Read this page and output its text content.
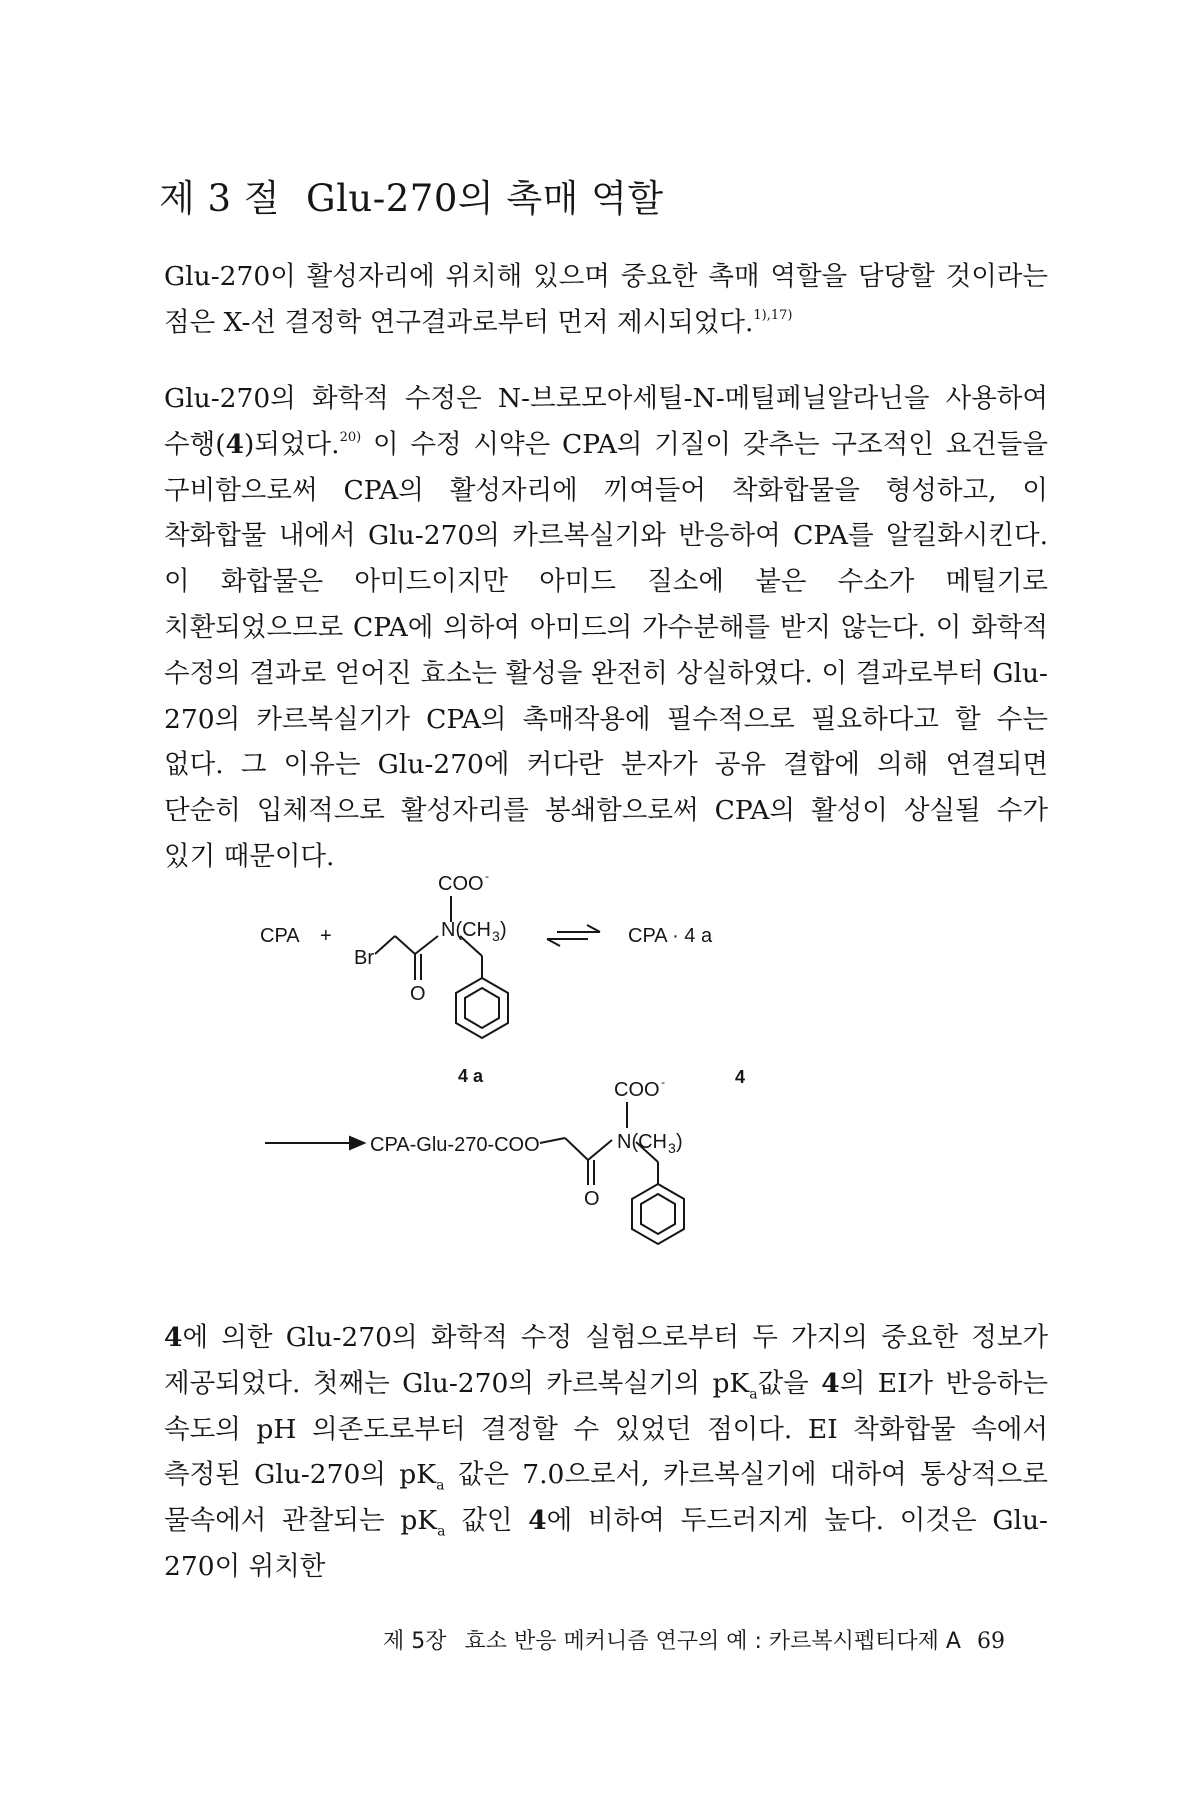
제 3 절 Glu-270의 촉매 역할
Glu-270이 활성자리에 위치해 있으며 중요한 촉매 역할을 담당할 것이라는 점은 X-선 결정학 연구결과로부터 먼저 제시되었다.$^{1),17)}$
Glu-270의 화학적 수정은 N-브로모아세틸-N-메틸페닐알라닌을 사용하여 수행(4)되었다.$^{20)}$ 이 수정 시약은 CPA의 기질이 갖추는 구조적인 요건들을 구비함으로써 CPA의 활성자리에 끼여들어 착화합물을 형성하고, 이 착화합물 내에서 Glu-270의 카르복실기와 반응하여 CPA를 알킬화시킨다. 이 화합물은 아미드이지만 아미드 질소에 붙은 수소가 메틸기로 치환되었으므로 CPA에 의하여 아미드의 가수분해를 받지 않는다. 이 화학적 수정의 결과로 얻어진 효소는 활성을 완전히 상실하였다. 이 결과로부터 Glu-270의 카르복실기가 CPA의 촉매작용에 필수적으로 필요하다고 할 수는 없다. 그 이유는 Glu-270에 커다란 분자가 공유 결합에 의해 연결되면 단순히 입체적으로 활성자리를 봉쇄함으로써 CPA의 활성이 상실될 수가 있기 때문이다.
CPA +
Br
COO -
N(CH 3 )
O
CPA · 4 a
4 a	4
COO -
CPA-Glu-270-COO	N(CH 3 )
O
4에 의한 Glu-270의 화학적 수정 실험으로부터 두 가지의 중요한 정보가 제공되었다. 첫째는 Glu-270의 카르복실기의 $pK_a$값을 4의 EI가 반응하는 속도의 pH 의존도로부터 결정할 수 있었던 점이다. EI 착화합물 속에서 측정된 Glu-270의 $pK_a$ 값은 7.0으로서, 카르복실기에 대하여 통상적으로 물속에서 관찰되는 $pK_a$ 값인 4에 비하여 두드러지게 높다. 이것은 Glu-270이 위치한
제 5장 효소 반응 메커니즘 연구의 예 : 카르복시펩티다제 A 69
